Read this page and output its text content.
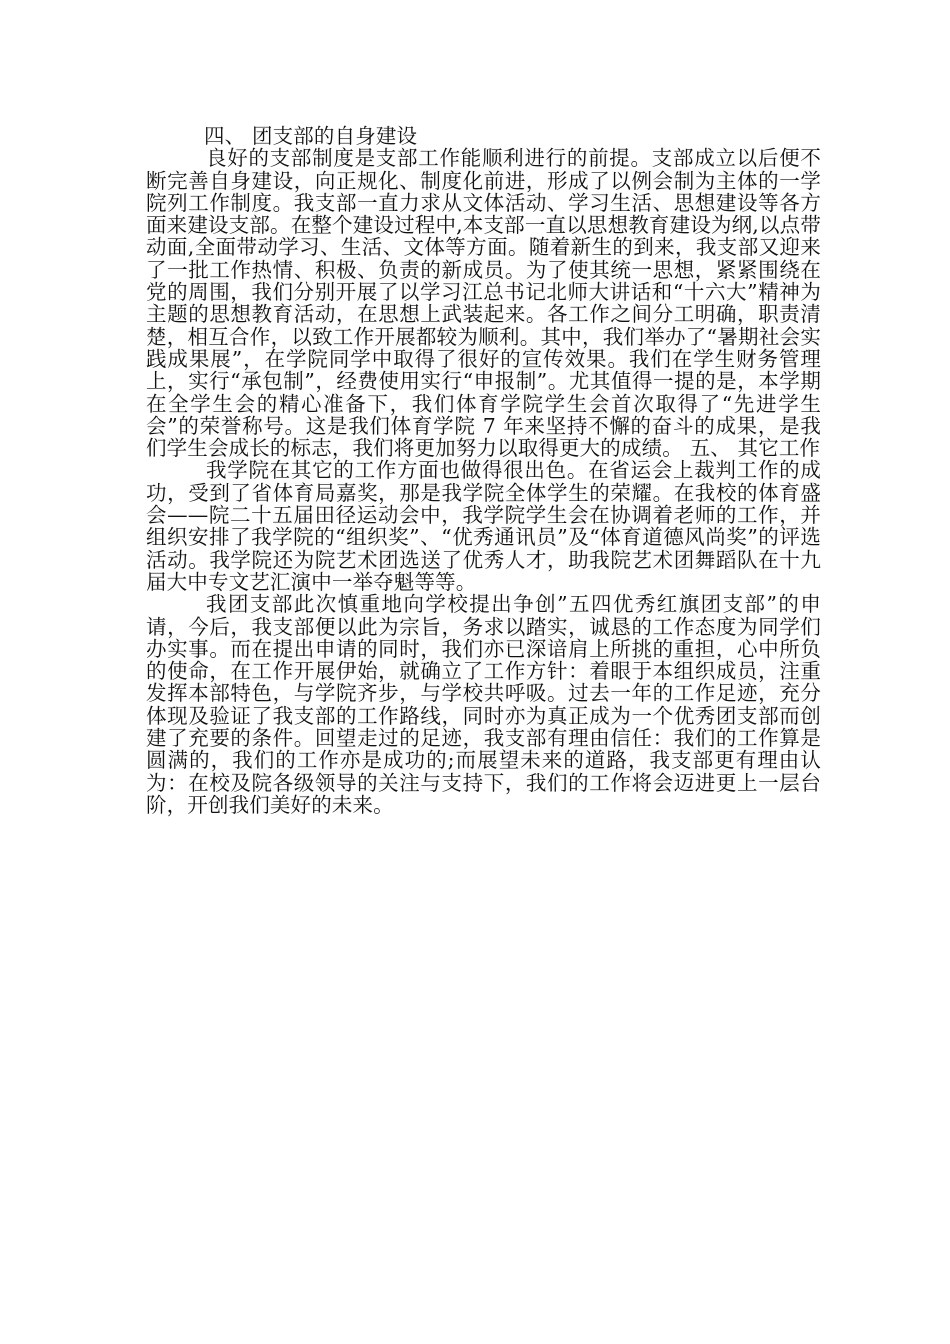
四、 团支部的自身建设

良好的支部制度是支部工作能顺利进行的前提。支部成立以后便不断完善自身建设，向正规化、制度化前进，形成了以例会制为主体的一学院列工作制度。我支部一直力求从文体活动、学习生活、思想建设等各方面来建设支部。在整个建设过程中,本支部一直以思想教育建设为纲,以点带动面,全面带动学习、生活、文体等方面。随着新生的到来，我支部又迎来了一批工作热情、积极、负责的新成员。为了使其统一思想，紧紧围绕在党的周围，我们分别开展了以学习江总书记北师大讲话和“十六大”精神为主题的思想教育活动，在思想上武装起来。各工作之间分工明确，职责清楚，相互合作，以致工作开展都较为顺利。其中，我们举办了“暑期社会实践成果展”，在学院同学中取得了很好的宣传效果。我们在学生财务管理上，实行“承包制”，经费使用实行“申报制”。尤其值得一提的是，本学期在全学生会的精心准备下，我们体育学院学生会首次取得了“先进学生会”的荣誉称号。这是我们体育学院 7 年来坚持不懈的奋斗的成果，是我们学生会成长的标志，我们将更加努力以取得更大的成绩。 五、 其它工作

我学院在其它的工作方面也做得很出色。在省运会上裁判工作的成功，受到了省体育局嘉奖，那是我学院全体学生的荣耀。在我校的体育盛会——院二十五届田径运动会中，我学院学生会在协调着老师的工作，并组织安排了我学院的“组织奖”、“优秀通讯员”及“体育道德风尚奖”的评选活动。我学院还为院艺术团选送了优秀人才，助我院艺术团舞蹈队在十九届大中专文艺汇演中一举夺魁等等。

我团支部此次慎重地向学校提出争创”五四优秀红旗团支部”的申请，今后，我支部便以此为宗旨，务求以踏实，诚恳的工作态度为同学们办实事。而在提出申请的同时，我们亦已深谙肩上所挑的重担，心中所负的使命，在工作开展伊始，就确立了工作方针：着眼于本组织成员，注重发挥本部特色，与学院齐步，与学校共呼吸。过去一年的工作足迹，充分体现及验证了我支部的工作路线，同时亦为真正成为一个优秀团支部而创建了充要的条件。回望走过的足迹，我支部有理由信任：我们的工作算是圆满的，我们的工作亦是成功的;而展望未来的道路，我支部更有理由认为：在校及院各级领导的关注与支持下，我们的工作将会迈进更上一层台阶，开创我们美好的未来。
